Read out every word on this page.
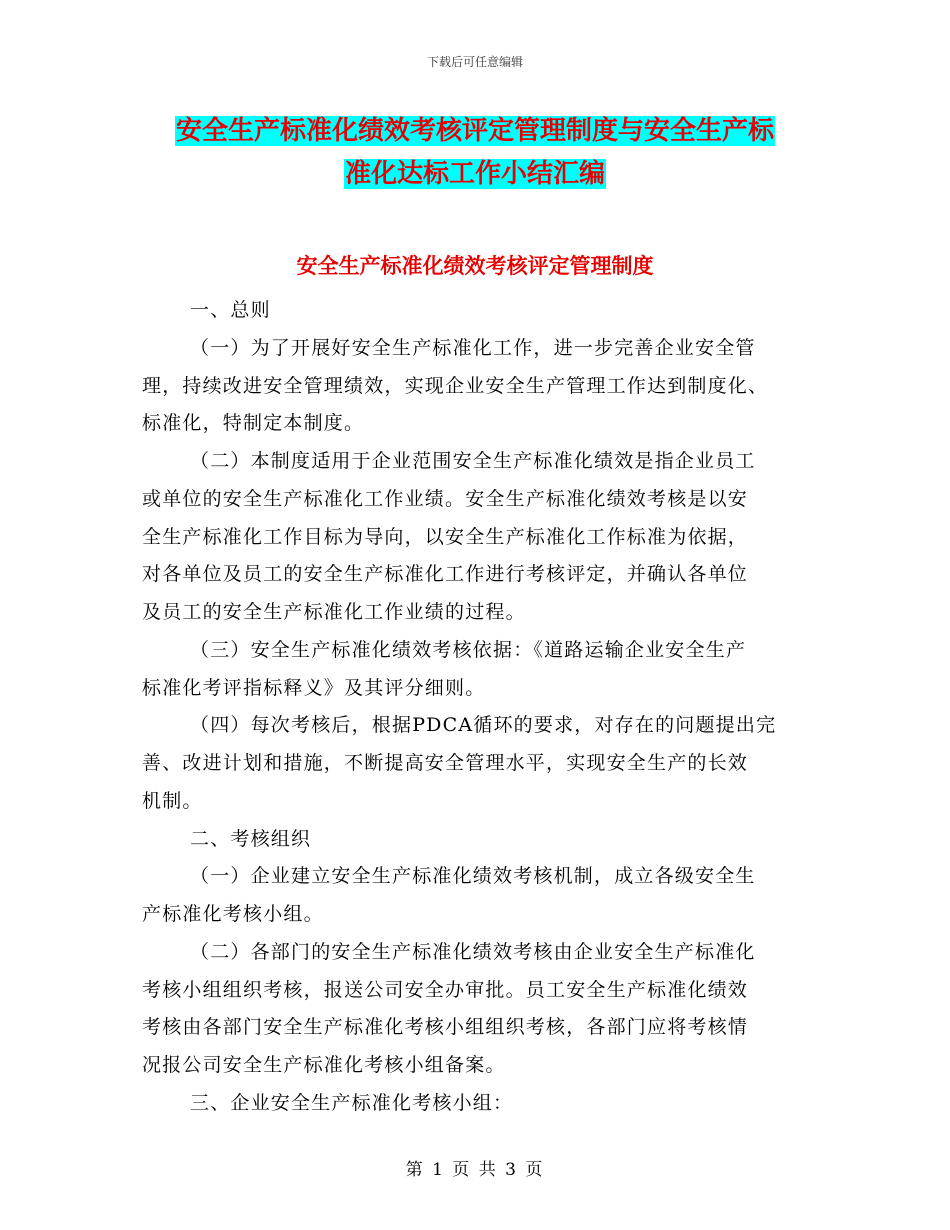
下载后可任意编辑
安全生产标准化绩效考核评定管理制度与安全生产标
准化达标工作小结汇编
安全生产标准化绩效考核评定管理制度
一、总则
（一）为了开展好安全生产标准化工作，进一步完善企业安全管
理，持续改进安全管理绩效，实现企业安全生产管理工作达到制度化、
标准化，特制定本制度。
（二）本制度适用于企业范围安全生产标准化绩效是指企业员工
或单位的安全生产标准化工作业绩。安全生产标准化绩效考核是以安
全生产标准化工作目标为导向，以安全生产标准化工作标准为依据，
对各单位及员工的安全生产标准化工作进行考核评定，并确认各单位
及员工的安全生产标准化工作业绩的过程。
（三）安全生产标准化绩效考核依据：《道路运输企业安全生产
标准化考评指标释义》及其评分细则。
（四）每次考核后，根据PDCA循环的要求，对存在的问题提出完
善、改进计划和措施，不断提高安全管理水平，实现安全生产的长效
机制。
二、考核组织
（一）企业建立安全生产标准化绩效考核机制，成立各级安全生
产标准化考核小组。
（二）各部门的安全生产标准化绩效考核由企业安全生产标准化
考核小组组织考核，报送公司安全办审批。员工安全生产标准化绩效
考核由各部门安全生产标准化考核小组组织考核，各部门应将考核情
况报公司安全生产标准化考核小组备案。
三、企业安全生产标准化考核小组：
第 1 页 共 3 页
